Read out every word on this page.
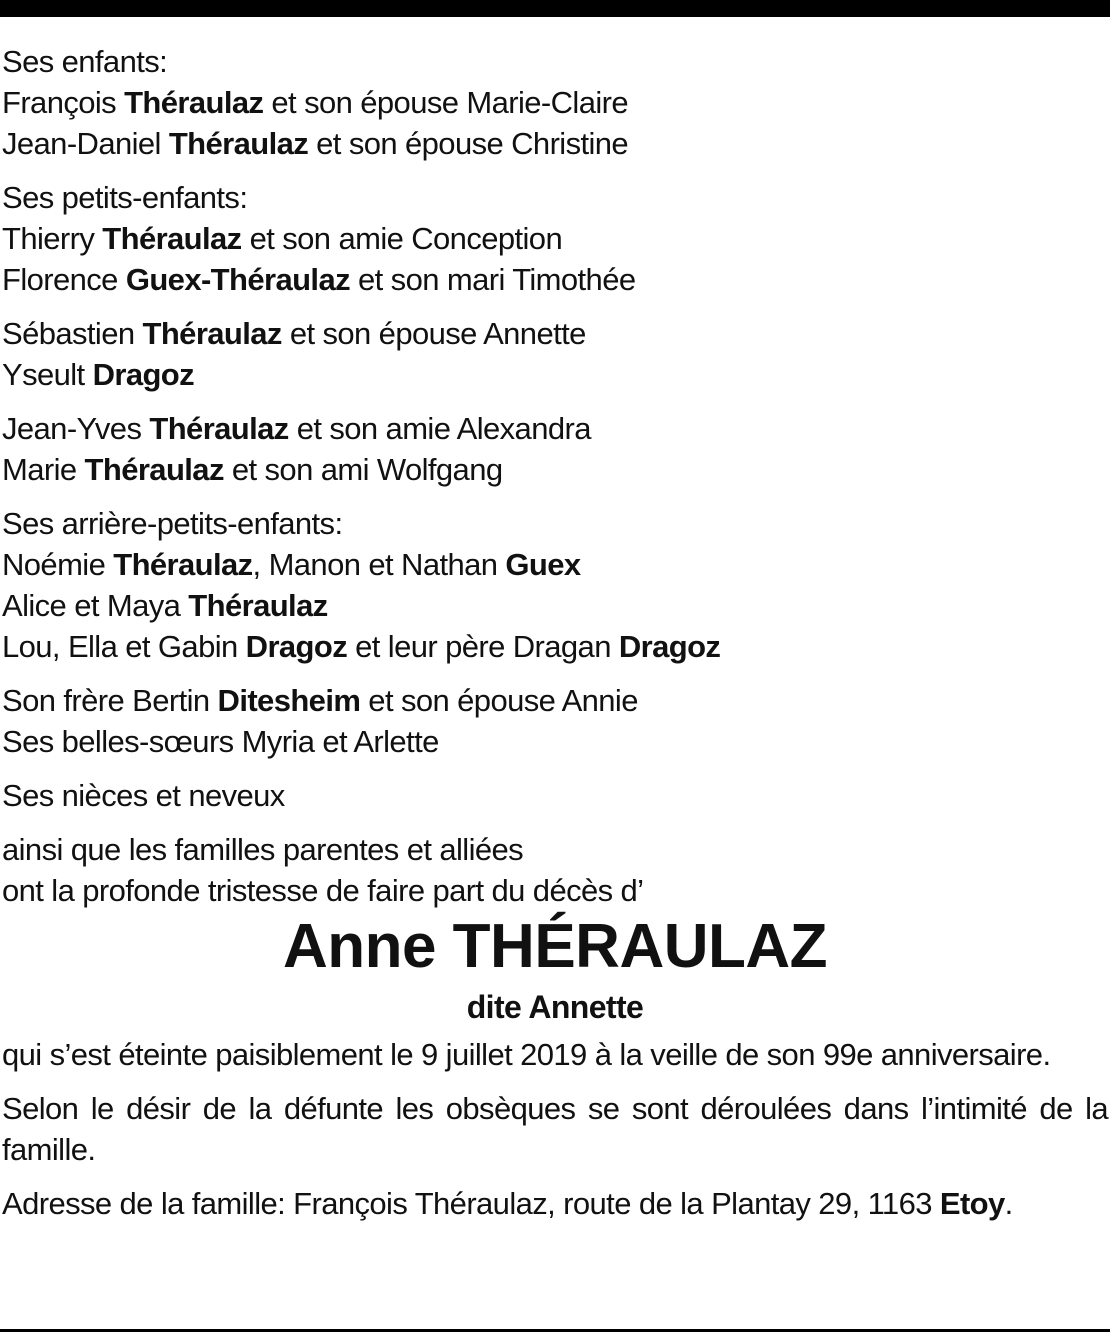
Ses enfants:
François Théraulaz et son épouse Marie-Claire
Jean-Daniel Théraulaz et son épouse Christine
Ses petits-enfants:
Thierry Théraulaz et son amie Conception
Florence Guex-Théraulaz et son mari Timothée
Sébastien Théraulaz et son épouse Annette
Yseult Dragoz
Jean-Yves Théraulaz et son amie Alexandra
Marie Théraulaz et son ami Wolfgang
Ses arrière-petits-enfants:
Noémie Théraulaz, Manon et Nathan Guex
Alice et Maya Théraulaz
Lou, Ella et Gabin Dragoz et leur père Dragan Dragoz
Son frère Bertin Ditesheim et son épouse Annie
Ses belles-sœurs Myria et Arlette
Ses nièces et neveux
ainsi que les familles parentes et alliées
ont la profonde tristesse de faire part du décès d’
Anne THÉRAULAZ
dite Annette
qui s’est éteinte paisiblement le 9 juillet 2019 à la veille de son 99e anniversaire.
Selon le désir de la défunte les obsèques se sont déroulées dans l’intimité de la famille.
Adresse de la famille: François Théraulaz, route de la Plantay 29, 1163 Etoy.
